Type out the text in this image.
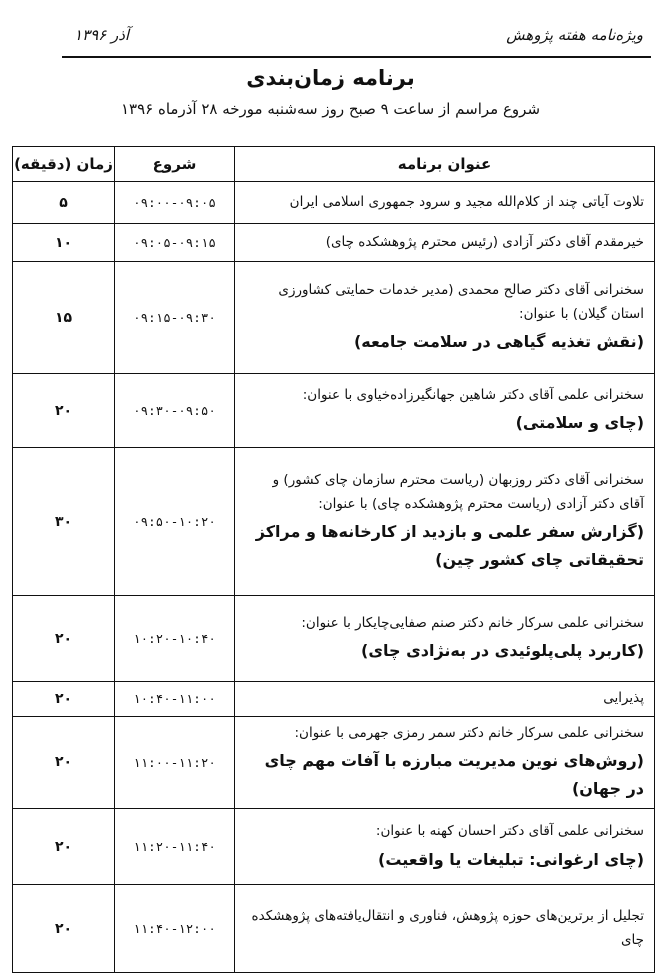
ویژه‌نامه هفته پژوهش
آذر ۱۳۹۶
برنامه زمان‌بندی
شروع مراسم از ساعت ۹ صبح روز سه‌شنبه مورخه ۲۸ آذرماه ۱۳۹۶
عنوان برنامه	شروع	زمان (دقیقه)
تلاوت آیاتی چند از کلام‌الله مجید و سرود جمهوری اسلامی ایران	۰۹:۰۰-۰۹:۰۵	۵
خیرمقدم آقای دکتر آزادی (رئیس محترم پژوهشکده چای)	۰۹:۰۵-۰۹:۱۵	۱۰
سخنرانی آقای دکتر صالح محمدی (مدیر خدمات حمایتی کشاورزی استان گیلان) با عنوان:
(نقش تغذیه گیاهی در سلامت جامعه)	۰۹:۱۵-۰۹:۳۰	۱۵
سخنرانی علمی آقای دکتر شاهین جهانگیرزاده‌خیاوی با عنوان:
(چای و سلامتی)	۰۹:۳۰-۰۹:۵۰	۲۰
سخنرانی آقای دکتر روزبهان (ریاست محترم سازمان چای کشور) و آقای دکتر آزادی (ریاست محترم پژوهشکده چای) با عنوان:
(گزارش سفر علمی و بازدید از کارخانه‌ها و مراکز تحقیقاتی چای کشور چین)	۰۹:۵۰-۱۰:۲۰	۳۰
سخنرانی علمی سرکار خانم دکتر صنم صفایی‌چایکار با عنوان:
(کاربرد پلی‌پلوئیدی در به‌نژادی چای)	۱۰:۲۰-۱۰:۴۰	۲۰
پذیرایی	۱۰:۴۰-۱۱:۰۰	۲۰
سخنرانی علمی سرکار خانم دکتر سمر رمزی جهرمی با عنوان:
(روش‌های نوین مدیریت مبارزه با آفات مهم چای در جهان)	۱۱:۰۰-۱۱:۲۰	۲۰
سخنرانی علمی آقای دکتر احسان کهنه با عنوان:
(چای ارغوانی: تبلیغات یا واقعیت)	۱۱:۲۰-۱۱:۴۰	۲۰
تجلیل از برترین‌های حوزه پژوهش، فناوری و انتقال‌یافته‌های پژوهشکده چای	۱۱:۴۰-۱۲:۰۰	۲۰
